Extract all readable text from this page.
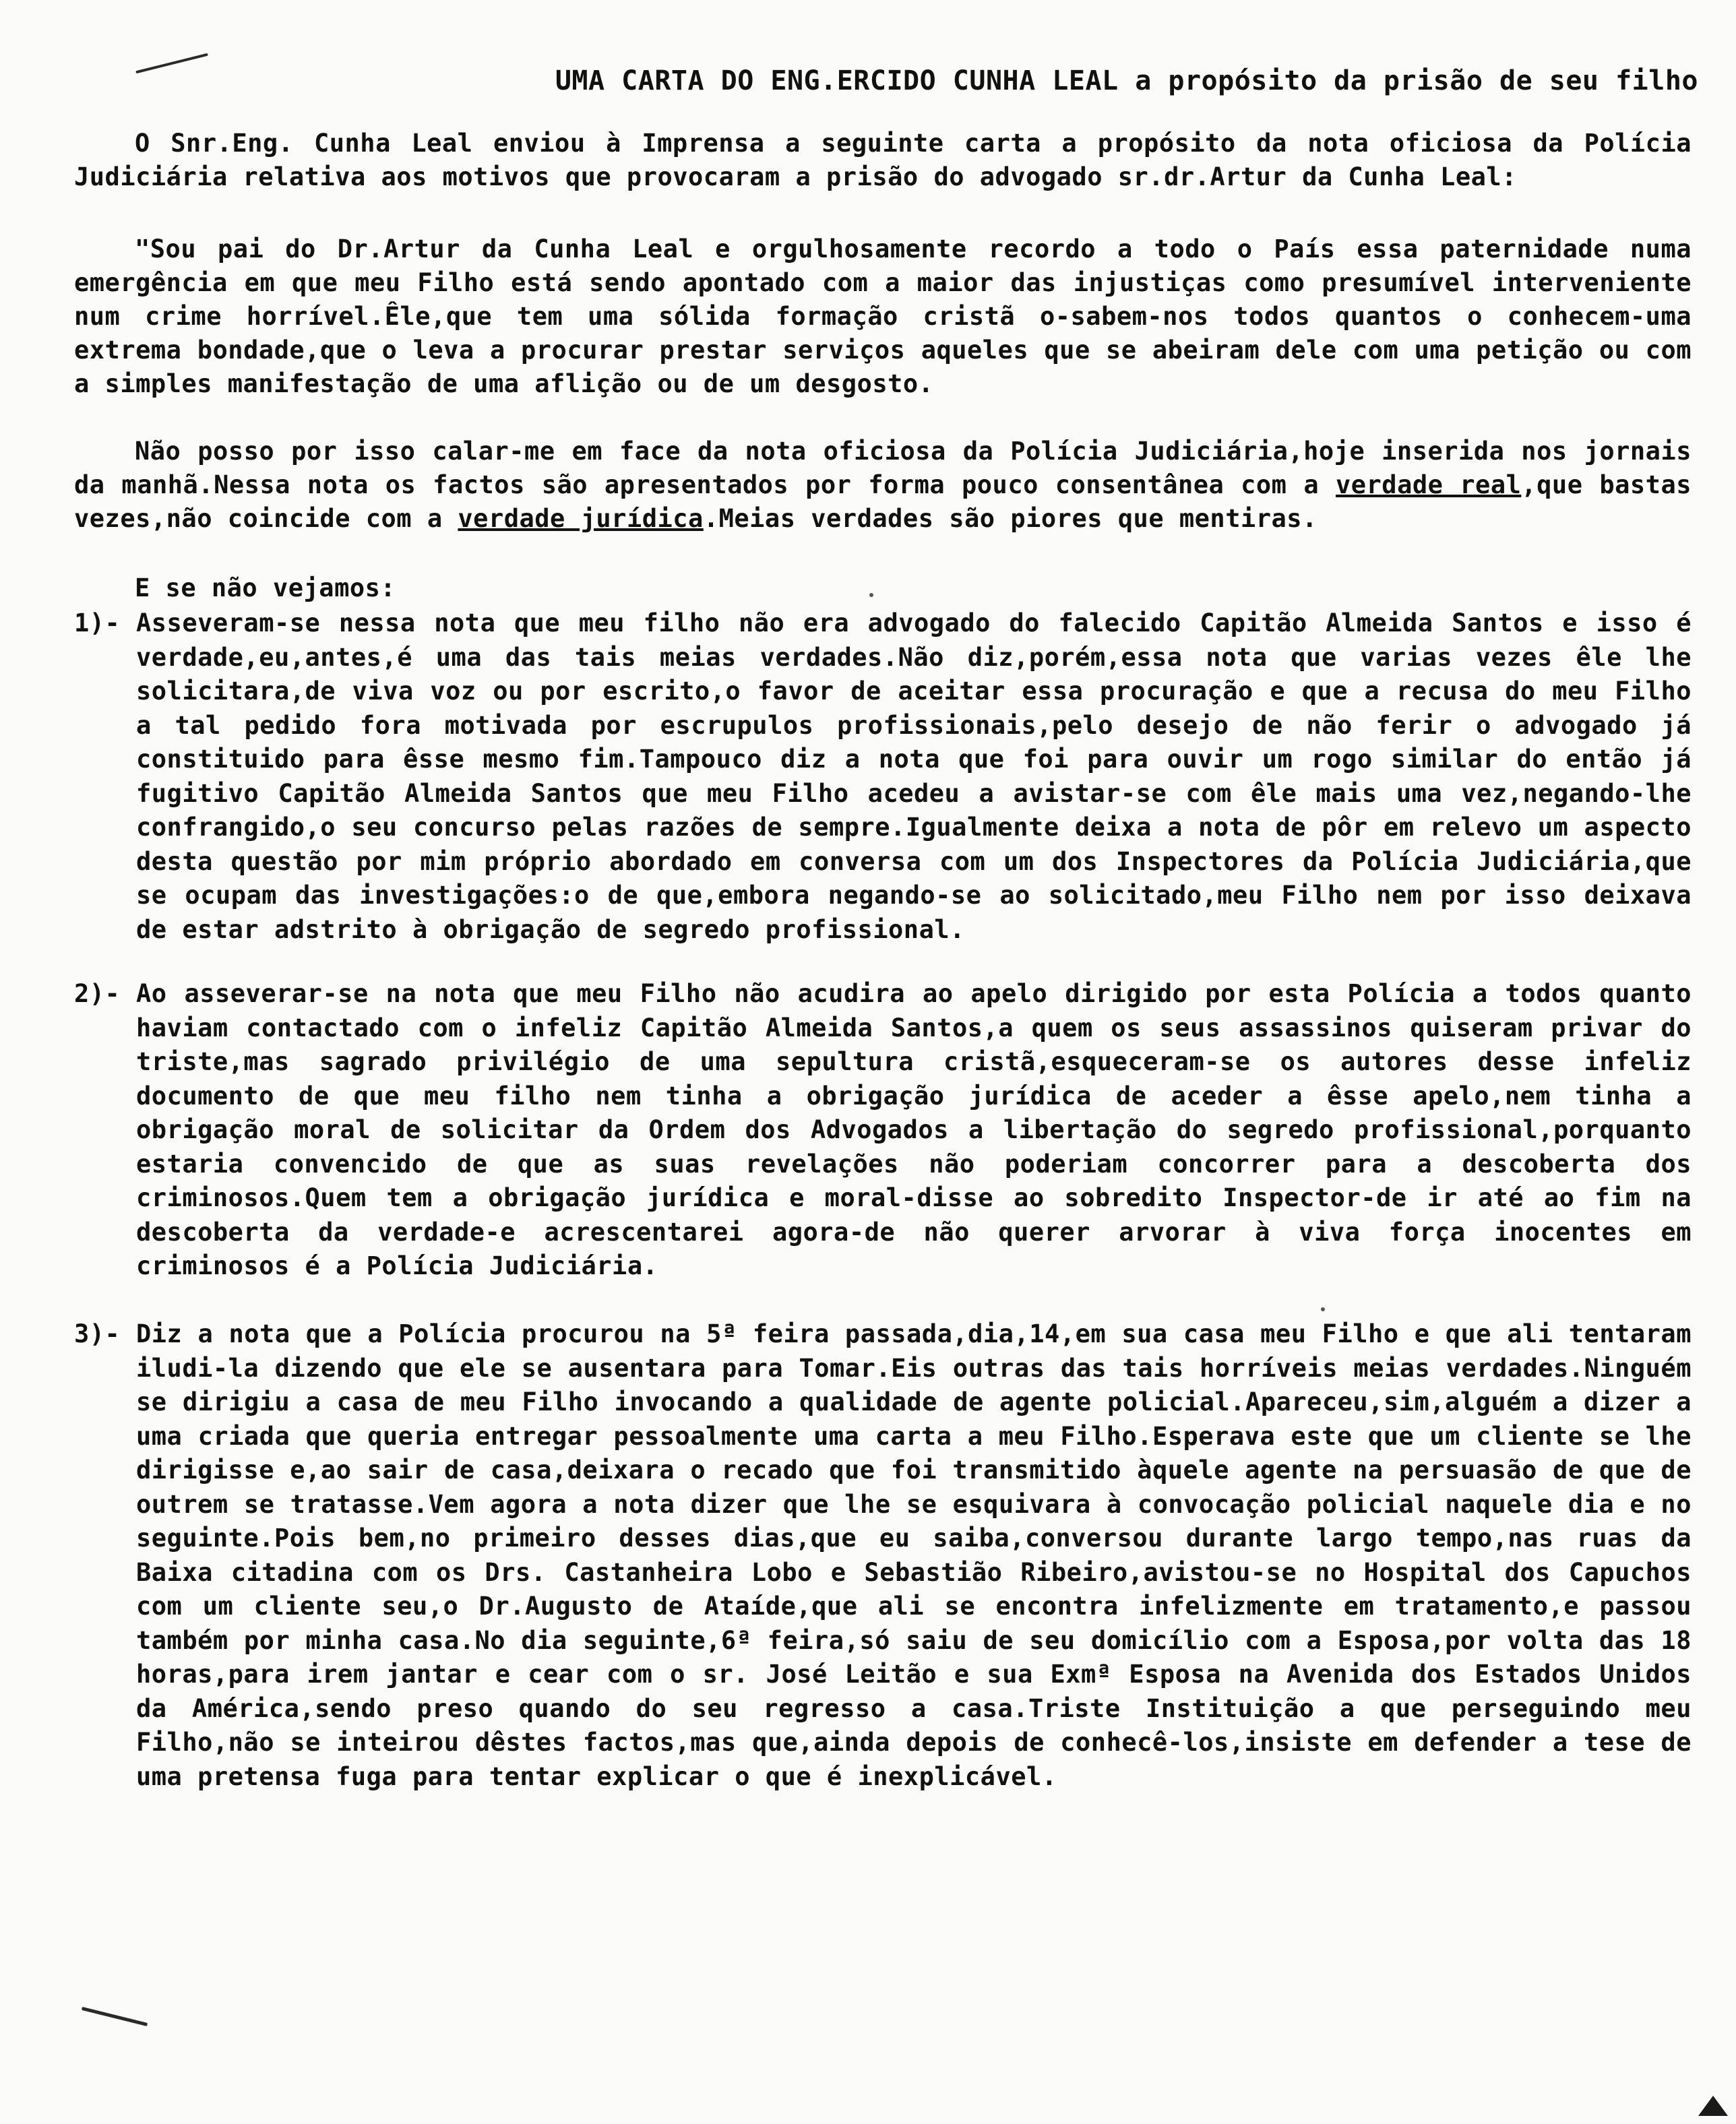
UMA CARTA DO ENG.ERCIDO CUNHA LEAL a propósito da prisão de seu filho

O Snr.Eng. Cunha Leal enviou à Imprensa a seguinte carta a propósito da nota oficiosa da Polícia Judiciária relativa aos motivos que provocaram a prisão do advogado sr.dr.Artur da Cunha Leal:

"Sou pai do Dr.Artur da Cunha Leal e orgulhosamente recordo a todo o País essa paternidade numa emergência em que meu Filho está sendo apontado com a maior das injustiças como presumível interveniente num crime horrível.Êle,que tem uma sólida formação cristã o-sabem-nos todos quantos o conhecem-uma extrema bondade,que o leva a procurar prestar serviços aqueles que se abeiram dele com uma petição ou com a simples manifestação de uma aflição ou de um desgosto.

Não posso por isso calar-me em face da nota oficiosa da Polícia Judiciária,hoje inserida nos jornais da manhã.Nessa nota os factos são apresentados por forma pouco consentânea com a verdade real,que bastas vezes,não coincide com a verdade jurídica.Meias verdades são piores que mentiras.

E se não vejamos:
1)- Asseveram-se nessa nota que meu filho não era advogado do falecido Capitão Almeida Santos e isso é verdade,eu,antes,é uma das tais meias verdades.Não diz,porém,essa nota que varias vezes êle lhe solicitara,de viva voz ou por escrito,o favor de aceitar essa procuração e que a recusa do meu Filho a tal pedido fora motivada por escrupulos profissionais,pelo desejo de não ferir o advogado já constituido para êsse mesmo fim.Tampouco diz a nota que foi para ouvir um rogo similar do então já fugitivo Capitão Almeida Santos que meu Filho acedeu a avistar-se com êle mais uma vez,negando-lhe confrangido,o seu concurso pelas razões de sempre.Igualmente deixa a nota de pôr em relevo um aspecto desta questão por mim próprio abordado em conversa com um dos Inspectores da Polícia Judiciária,que se ocupam das investigações:o de que,embora negando-se ao solicitado,meu Filho nem por isso deixava de estar adstrito à obrigação de segredo profissional.
2)- Ao asseverar-se na nota que meu Filho não acudira ao apelo dirigido por esta Polícia a todos quanto haviam contactado com o infeliz Capitão Almeida Santos,a quem os seus assassinos quiseram privar do triste,mas sagrado privilégio de uma sepultura cristã,esqueceram-se os autores desse infeliz documento de que meu filho nem tinha a obrigação jurídica de aceder a êsse apelo,nem tinha a obrigação moral de solicitar da Ordem dos Advogados a libertação do segredo profissional,porquanto estaria convencido de que as suas revelações não poderiam concorrer para a descoberta dos criminosos.Quem tem a obrigação jurídica e moral-disse ao sobredito Inspector-de ir até ao fim na descoberta da verdade-e acrescentarei agora-de não querer arvorar à viva força inocentes em criminosos é a Polícia Judiciária.
3)- Diz a nota que a Polícia procurou na 5ª feira passada,dia,14,em sua casa meu Filho e que ali tentaram iludi-la dizendo que ele se ausentara para Tomar.Eis outras das tais horríveis meias verdades.Ninguém se dirigiu a casa de meu Filho invocando a qualidade de agente policial.Apareceu,sim,alguém a dizer a uma criada que queria entregar pessoalmente uma carta a meu Filho.Esperava este que um cliente se lhe dirigisse e,ao sair de casa,deixara o recado que foi transmitido àquele agente na persuasão de que de outrem se tratasse.Vem agora a nota dizer que lhe se esquivara à convocação policial naquele dia e no seguinte.Pois bem,no primeiro desses dias,que eu saiba,conversou durante largo tempo,nas ruas da Baixa citadina com os Drs. Castanheira Lobo e Sebastião Ribeiro,avistou-se no Hospital dos Capuchos com um cliente seu,o Dr.Augusto de Ataíde,que ali se encontra infelizmente em tratamento,e passou também por minha casa.No dia seguinte,6ª feira,só saiu de seu domicílio com a Esposa,por volta das 18 horas,para irem jantar e cear com o sr. José Leitão e sua Exmª Esposa na Avenida dos Estados Unidos da América,sendo preso quando do seu regresso a casa.Triste Instituição a que perseguindo meu Filho,não se inteirou dêstes factos,mas que,ainda depois de conhecê-los,insiste em defender a tese de uma pretensa fuga para tentar explicar o que é inexplicável.
